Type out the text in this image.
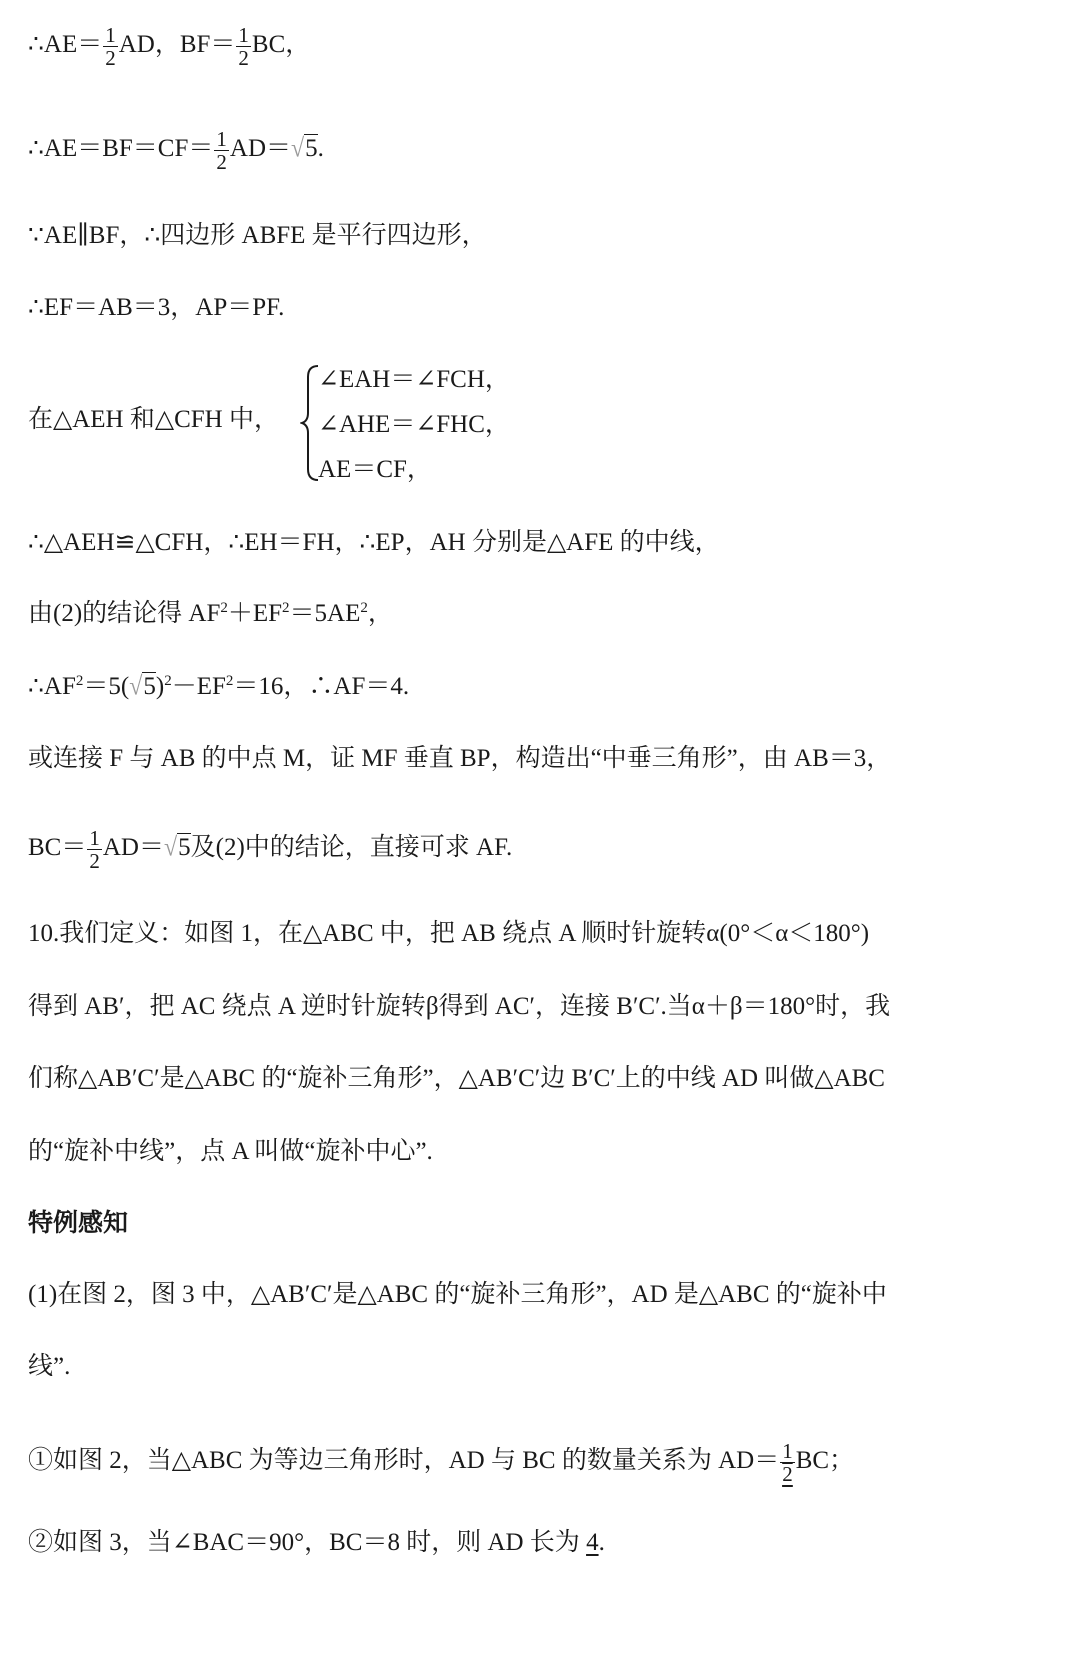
∴AE＝ $\frac{1}{2}$ AD，$BF= \frac{1}{2}$ BC，
∴AE＝BF＝CF＝ $\frac{1}{2} AD=√5$.
∵AE∥BF，∴四边形 ABFE 是平行四边形，
∴EF＝AB＝3，AP＝PF.
在△AEH 和△CFH 中，
∠EAH＝∠FCH，
∠AHE＝∠FHC，
AE＝CF，
∴△AEH≌△CFH，∴EH＝FH，∴EP，AH 分别是△AFE 的中线，
由(2)的结论得 $AF^2+EF^2=5AE^2$，
$\therefore AF^2=5(√5)^2-EF^2=16$，∴AF＝4.
或连接 F 与 AB 的中点 M，证 MF 垂直 BP，构造出“中垂三角形”，由 AB＝3，
$BC= \frac{1}{2} AD=√5$及(2)中的结论，直接可求 AF.
10.我们定义：如图 1，在△ABC 中，把 AB 绕点 A 顺时针旋转α(0°＜α＜180°)
得到 AB′，把 AC 绕点 A 逆时针旋转β得到 AC′，连接 B′C′.当α＋β＝180°时，我
们称△AB′C′是△ABC 的“旋补三角形”，△AB′C′边 B′C′上的中线 AD 叫做△ABC
的“旋补中线”，点 A 叫做“旋补中心”.
特例感知
(1)在图 2，图 3 中，△AB′C′是△ABC 的“旋补三角形”，AD 是△ABC 的“旋补中
线”.
①如图 2，当△ABC 为等边三角形时，AD 与 BC 的数量关系为 $AD= \frac{1}{2}$ BC；
②如图 3，当∠BAC＝90°，BC＝8 时，则 AD 长为 4.
